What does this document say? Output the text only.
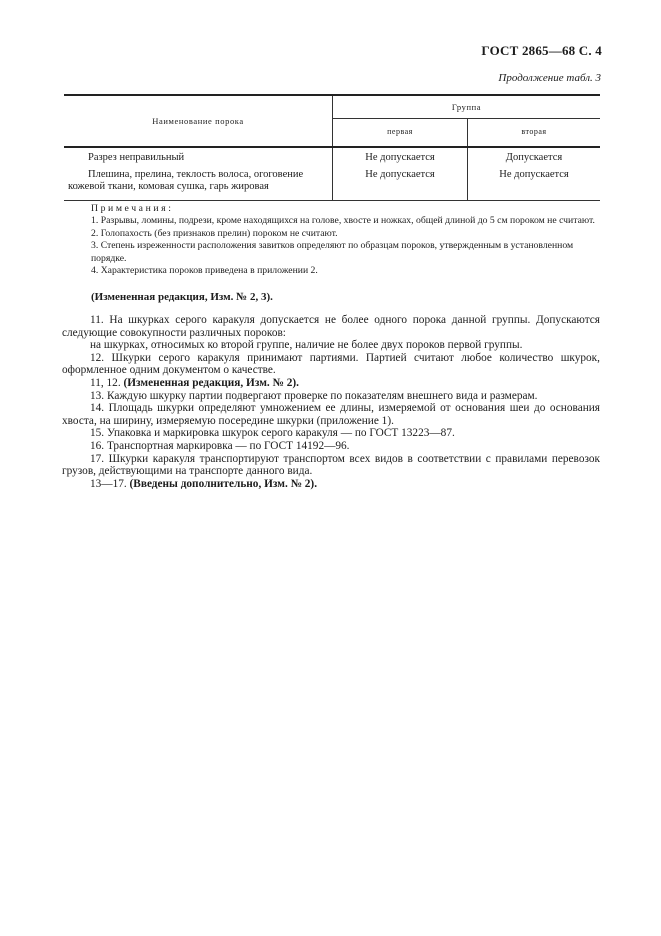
ГОСТ 2865—68 С. 4
Продолжение табл. 3
Наименование порока	Группа	
	первая	вторая
Разрез неправильный	Не допускается	Допускается
Плешина, прелина, теклость волоса, огоговение кожевой ткани, комовая сушка, гарь жировая	Не допускается	Не допускается
Примечания:

1. Разрывы, ломины, подрези, кроме находящихся на голове, хвосте и ножках, общей длиной до 5 см пороком не считают.

2. Голопахость (без признаков прелин) пороком не считают.

3. Степень изреженности расположения завитков определяют по образцам пороков, утвержденным в установленном порядке.

4. Характеристика пороков приведена в приложении 2.

(Измененная редакция, Изм. № 2, 3).

11. На шкурках серого каракуля допускается не более одного порока данной группы. Допускаются следующие совокупности различных пороков:

на шкурках, относимых ко второй группе, наличие не более двух пороков первой группы.

12. Шкурки серого каракуля принимают партиями. Партией считают любое количество шкурок, оформленное одним документом о качестве.

11, 12. (Измененная редакция, Изм. № 2).

13. Каждую шкурку партии подвергают проверке по показателям внешнего вида и размерам.

14. Площадь шкурки определяют умножением ее длины, измеряемой от основания шеи до основания хвоста, на ширину, измеряемую посередине шкурки (приложение 1).

15. Упаковка и маркировка шкурок серого каракуля — по ГОСТ 13223—87.

16. Транспортная маркировка — по ГОСТ 14192—96.

17. Шкурки каракуля транспортируют транспортом всех видов в соответствии с правилами перевозок грузов, действующими на транспорте данного вида.

13—17. (Введены дополнительно, Изм. № 2).
